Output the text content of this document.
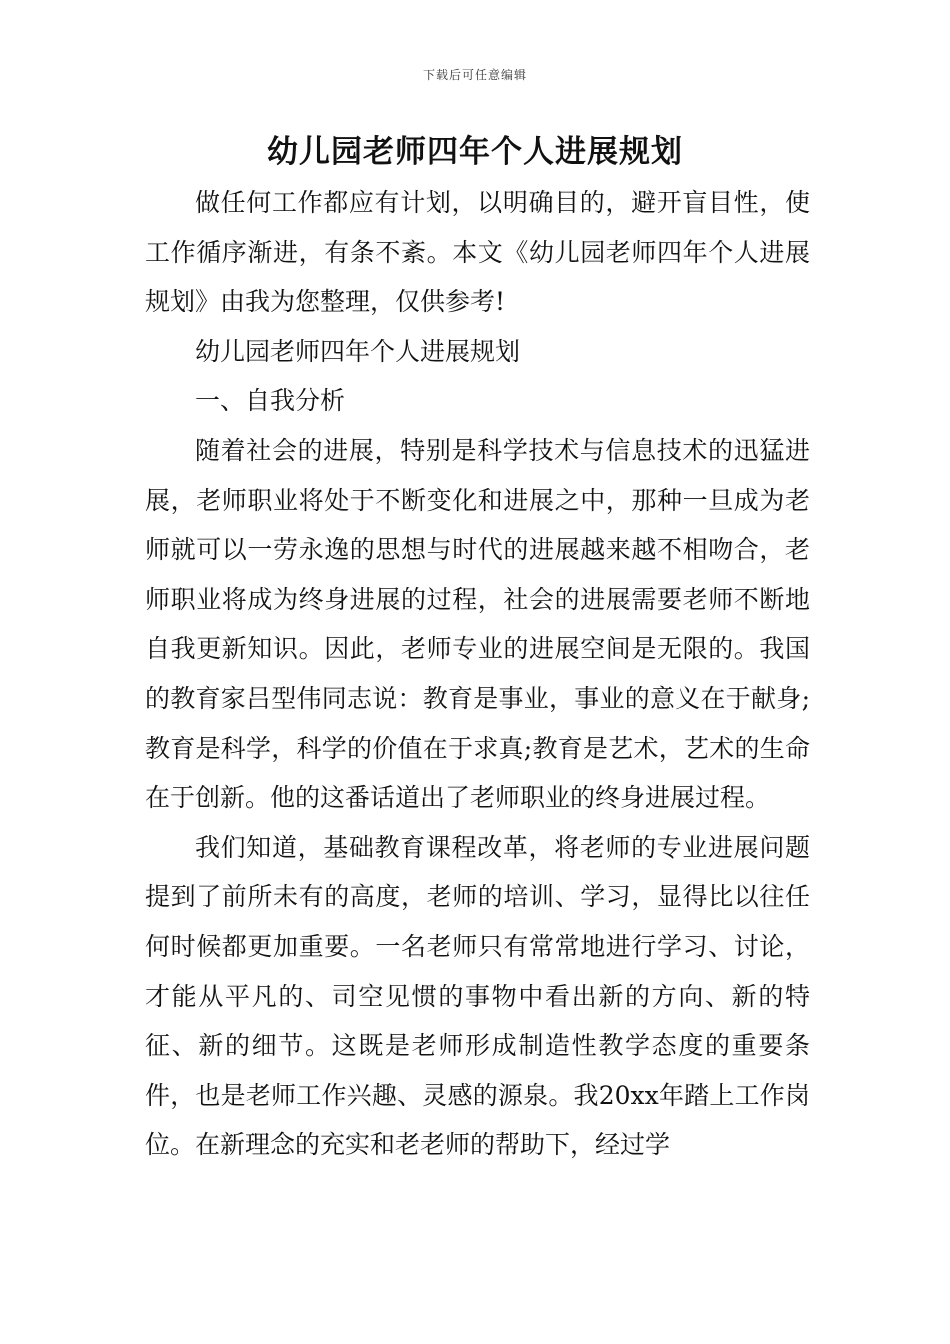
下载后可任意编辑
幼儿园老师四年个人进展规划

做任何工作都应有计划，以明确目的，避开盲目性，使工作循序渐进，有条不紊。本文《幼儿园老师四年个人进展规划》由我为您整理，仅供参考!

幼儿园老师四年个人进展规划

一、自我分析

随着社会的进展，特别是科学技术与信息技术的迅猛进展，老师职业将处于不断变化和进展之中，那种一旦成为老师就可以一劳永逸的思想与时代的进展越来越不相吻合，老师职业将成为终身进展的过程，社会的进展需要老师不断地自我更新知识。因此，老师专业的进展空间是无限的。我国的教育家吕型伟同志说：教育是事业，事业的意义在于献身;教育是科学，科学的价值在于求真;教育是艺术，艺术的生命在于创新。他的这番话道出了老师职业的终身进展过程。

我们知道，基础教育课程改革，将老师的专业进展问题提到了前所未有的高度，老师的培训、学习，显得比以往任何时候都更加重要。一名老师只有常常地进行学习、讨论，才能从平凡的、司空见惯的事物中看出新的方向、新的特征、新的细节。这既是老师形成制造性教学态度的重要条件，也是老师工作兴趣、灵感的源泉。我20xx年踏上工作岗位。在新理念的充实和老老师的帮助下，经过学
